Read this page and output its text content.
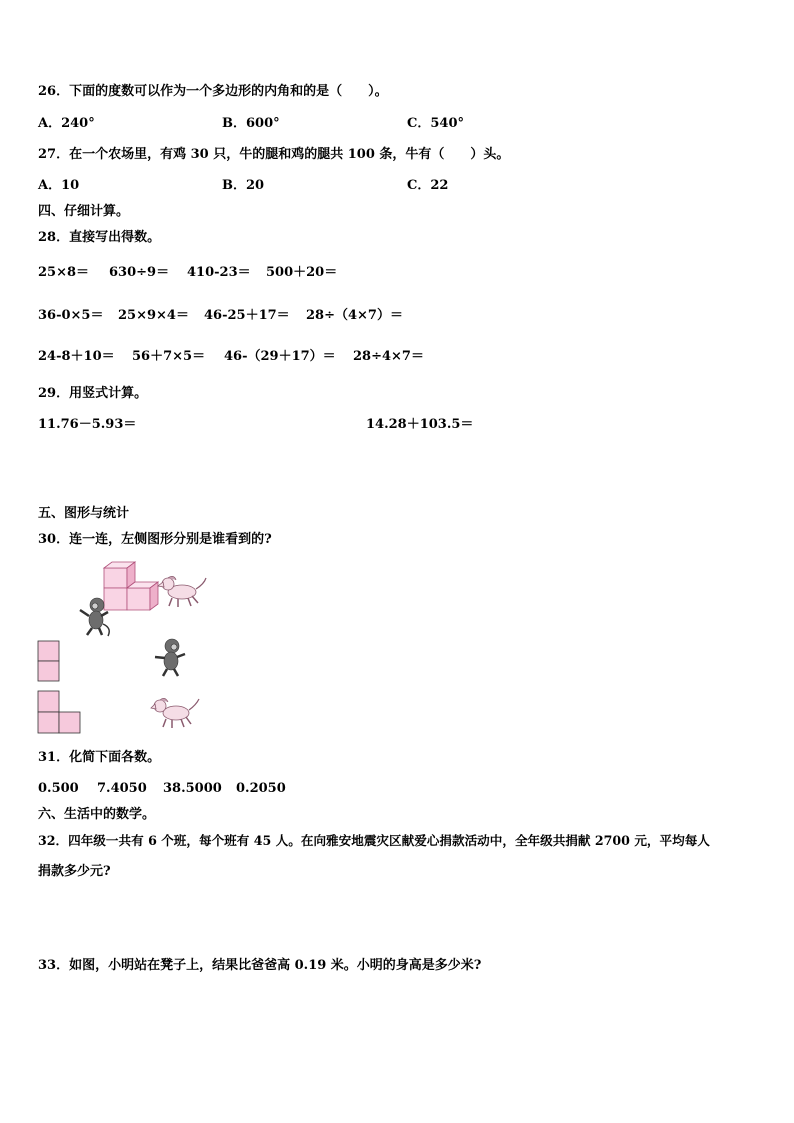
26．下面的度数可以作为一个多边形的内角和的是（　　）。
A．240°	B．600°	C．540°
27．在一个农场里，有鸡 30 只，牛的腿和鸡的腿共 100 条，牛有（　　）头。
A．10	B．20	C．22
四、仔细计算。
28．直接写出得数。
25×8＝ 630÷9＝ 410-23＝ 500＋20＝
36-0×5＝ 25×9×4＝ 46-25＋17＝ 28÷（4×7）＝
24-8＋10＝ 56＋7×5＝ 46-（29＋17）＝ 28÷4×7＝
29．用竖式计算。
11.76－5.93＝	14.28＋103.5＝
五、图形与统计
30．连一连，左侧图形分别是谁看到的?
31．化简下面各数。
0.500 7.4050 38.5000 0.2050
六、生活中的数学。
32．四年级一共有 6 个班，每个班有 45 人。在向雅安地震灾区献爱心捐款活动中，全年级共捐献 2700 元，平均每人
捐款多少元?
33．如图，小明站在凳子上，结果比爸爸高 0.19 米。小明的身高是多少米?
